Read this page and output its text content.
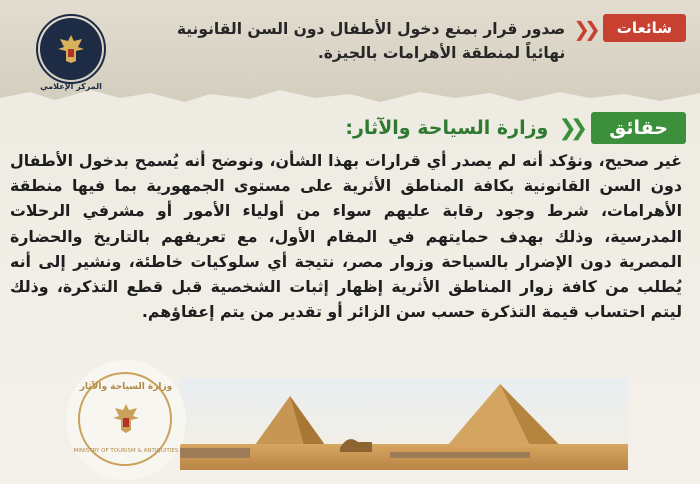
المركز الإعلامي
شائعات
❮❮
صدور قرار بمنع دخول الأطفال دون السن القانونية نهائياً لمنطقة الأهرامات بالجيزة.
حقائق
❮❮
وزارة السياحة والآثار:
غير صحيح، ونؤكد أنه لم يصدر أي قرارات بهذا الشأن، ونوضح أنه يُسمح بدخول الأطفال دون السن القانونية بكافة المناطق الأثرية على مستوى الجمهورية بما فيها منطقة الأهرامات، شرط وجود رقابة عليهم سواء من أولياء الأمور أو مشرفي الرحلات المدرسية، وذلك بهدف حمايتهم في المقام الأول، مع تعريفهم بالتاريخ والحضارة المصرية دون الإضرار بالسياحة وزوار مصر، نتيجة أي سلوكيات خاطئة، ونشير إلى أنه يُطلب من كافة زوار المناطق الأثرية إظهار إثبات الشخصية قبل قطع التذكرة، وذلك ليتم احتساب قيمة التذكرة حسب سن الزائر أو تقدير من يتم إعفاؤهم.
وزارة السياحة والآثار
MINISTRY OF TOURISM & ANTIQUITIES
